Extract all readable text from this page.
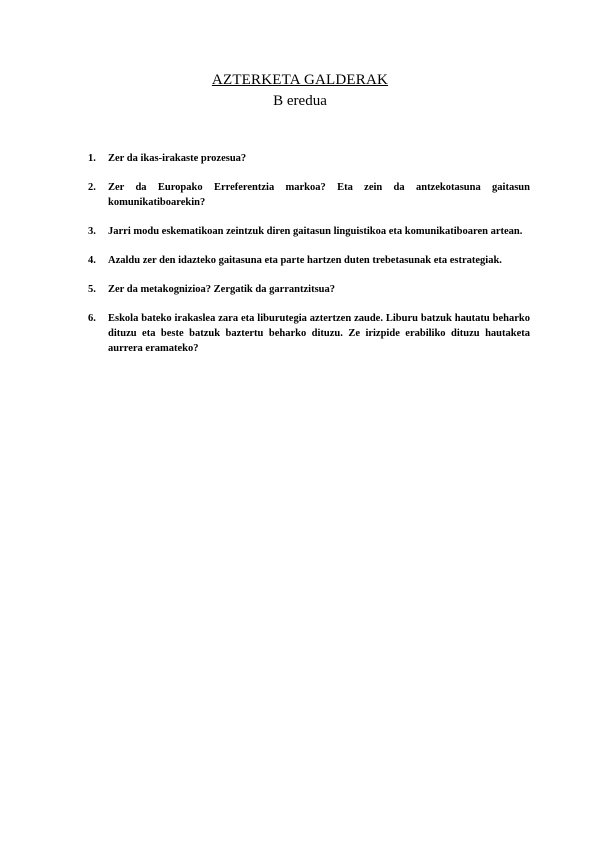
AZTERKETA GALDERAK
B eredua
1.	Zer da ikas-irakaste prozesua?
2.	Zer da Europako Erreferentzia markoa? Eta zein da antzekotasuna gaitasun komunikatiboarekin?
3.	Jarri modu eskematikoan zeintzuk diren gaitasun linguistikoa eta komunikatiboaren artean.
4.	Azaldu zer den idazteko gaitasuna eta parte hartzen duten trebetasunak eta estrategiak.
5.	Zer da metakognizioa? Zergatik da garrantzitsua?
6.	Eskola bateko irakaslea zara eta liburutegia aztertzen zaude. Liburu batzuk hautatu beharko dituzu eta beste batzuk baztertu beharko dituzu. Ze irizpide erabiliko dituzu hautaketa aurrera eramateko?
